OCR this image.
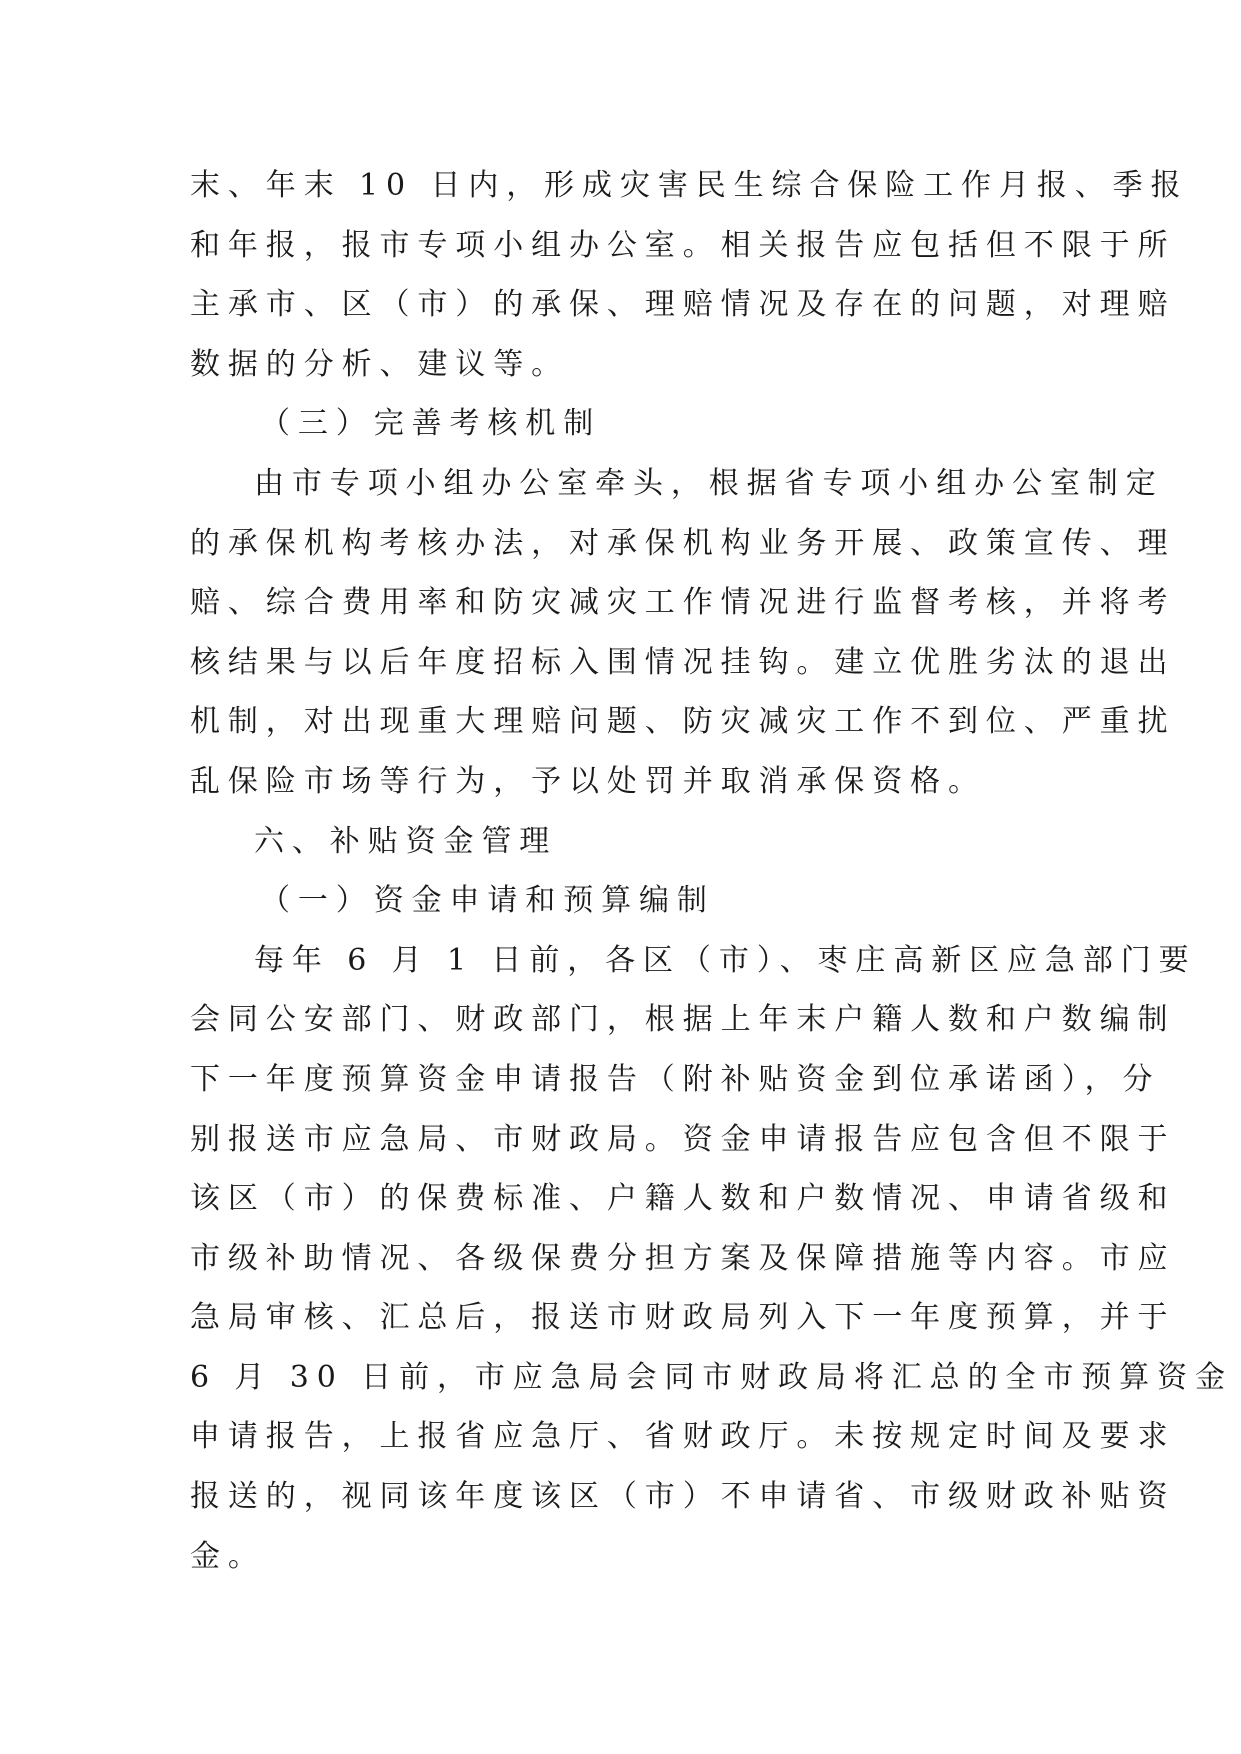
末、年末 10 日内，形成灾害民生综合保险工作月报、季报
和年报，报市专项小组办公室。相关报告应包括但不限于所
主承市、区（市）的承保、理赔情况及存在的问题，对理赔
数据的分析、建议等。
（三）完善考核机制
由市专项小组办公室牵头，根据省专项小组办公室制定
的承保机构考核办法，对承保机构业务开展、政策宣传、理
赔、综合费用率和防灾减灾工作情况进行监督考核，并将考
核结果与以后年度招标入围情况挂钩。建立优胜劣汰的退出
机制，对出现重大理赔问题、防灾减灾工作不到位、严重扰
乱保险市场等行为，予以处罚并取消承保资格。
六、补贴资金管理
（一）资金申请和预算编制
每年 6 月 1 日前，各区（市）、枣庄高新区应急部门要
会同公安部门、财政部门，根据上年末户籍人数和户数编制
下一年度预算资金申请报告（附补贴资金到位承诺函），分
别报送市应急局、市财政局。资金申请报告应包含但不限于
该区（市）的保费标准、户籍人数和户数情况、申请省级和
市级补助情况、各级保费分担方案及保障措施等内容。市应
急局审核、汇总后，报送市财政局列入下一年度预算，并于
6 月 30 日前，市应急局会同市财政局将汇总的全市预算资金
申请报告，上报省应急厅、省财政厅。未按规定时间及要求
报送的，视同该年度该区（市）不申请省、市级财政补贴资
金。
